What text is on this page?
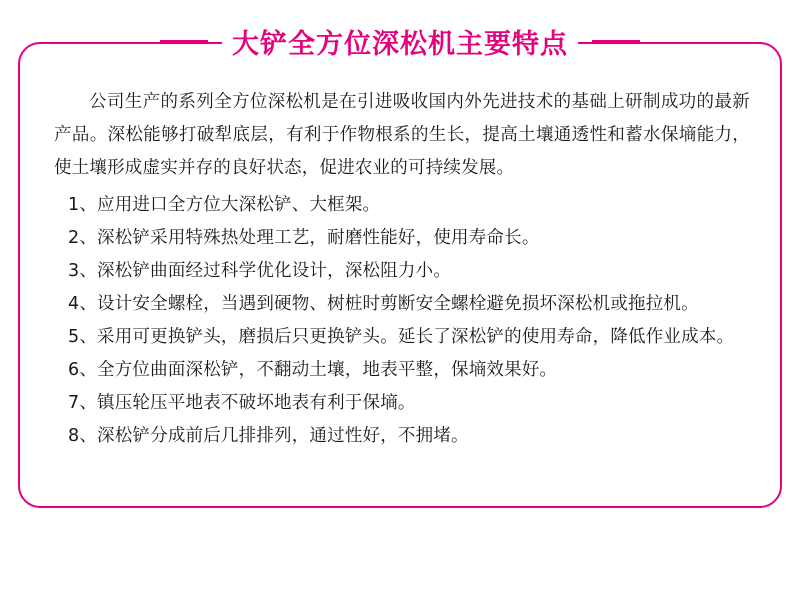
大铲全方位深松机主要特点

公司生产的系列全方位深松机是在引进吸收国内外先进技术的基础上研制成功的最新产品。深松能够打破犁底层，有利于作物根系的生长，提高土壤通透性和蓄水保墒能力，使土壤形成虚实并存的良好状态，促进农业的可持续发展。

1、应用进口全方位大深松铲、大框架。
2、深松铲采用特殊热处理工艺，耐磨性能好，使用寿命长。
3、深松铲曲面经过科学优化设计，深松阻力小。
4、设计安全螺栓，当遇到硬物、树桩时剪断安全螺栓避免损坏深松机或拖拉机。
5、采用可更换铲头，磨损后只更换铲头。延长了深松铲的使用寿命，降低作业成本。
6、全方位曲面深松铲，不翻动土壤，地表平整，保墒效果好。
7、镇压轮压平地表不破坏地表有利于保墒。
8、深松铲分成前后几排排列，通过性好，不拥堵。
